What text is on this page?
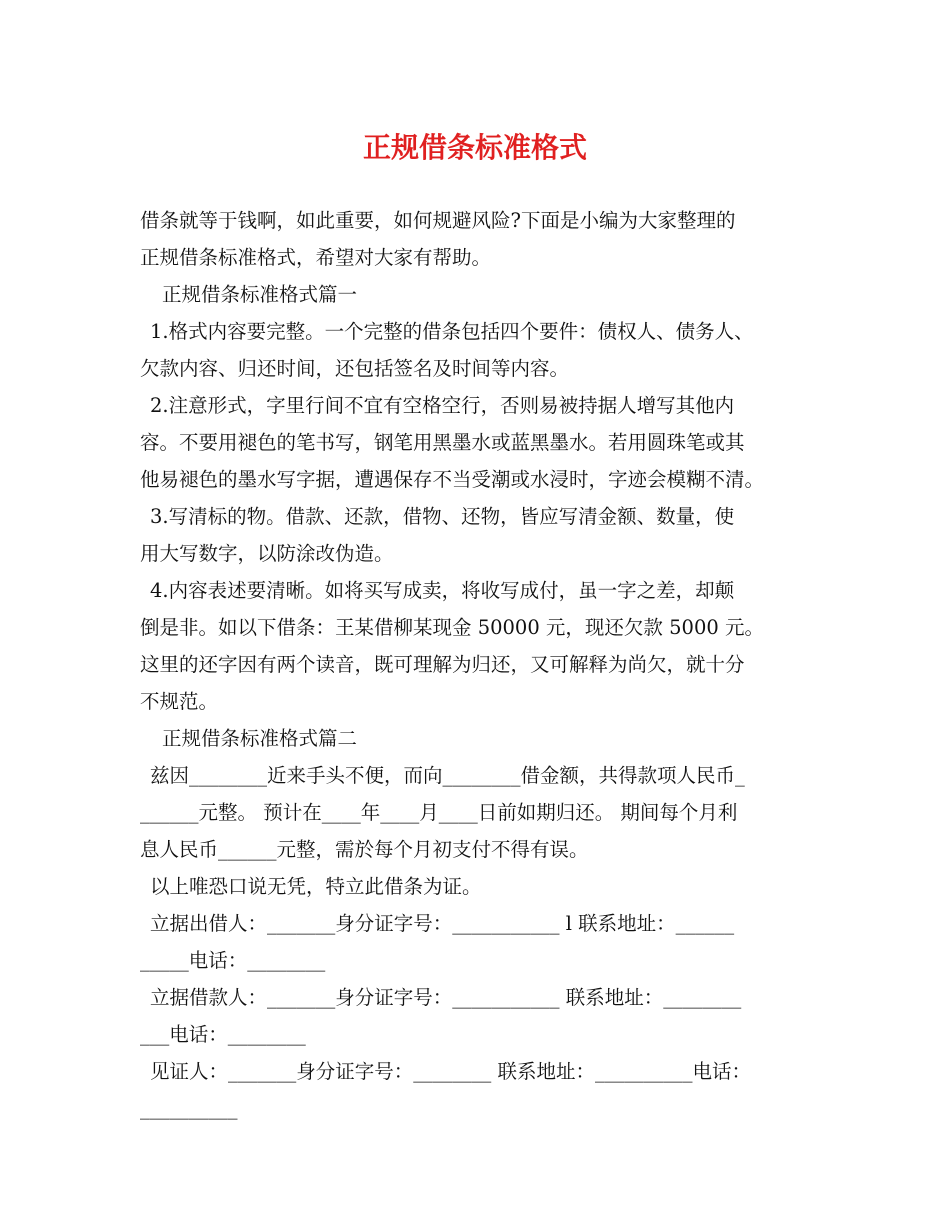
正规借条标准格式
借条就等于钱啊，如此重要，如何规避风险?下面是小编为大家整理的
正规借条标准格式，希望对大家有帮助。
正规借条标准格式篇一
1.格式内容要完整。一个完整的借条包括四个要件：债权人、债务人、
欠款内容、归还时间，还包括签名及时间等内容。
2.注意形式，字里行间不宜有空格空行，否则易被持据人增写其他内
容。不要用褪色的笔书写，钢笔用黑墨水或蓝黑墨水。若用圆珠笔或其
他易褪色的墨水写字据，遭遇保存不当受潮或水浸时，字迹会模糊不清。
3.写清标的物。借款、还款，借物、还物，皆应写清金额、数量，使
用大写数字，以防涂改伪造。
4.内容表述要清晰。如将买写成卖，将收写成付，虽一字之差，却颠
倒是非。如以下借条：王某借柳某现金 50000 元，现还欠款 5000 元。
这里的还字因有两个读音，既可理解为归还，又可解释为尚欠，就十分
不规范。
正规借条标准格式篇二
兹因________近来手头不便，而向________借金额，共得款项人民币_
______元整。 预计在____年____月____日前如期归还。 期间每个月利
息人民币______元整，需於每个月初支付不得有误。
以上唯恐口说无凭，特立此借条为证。
立据出借人：_______身分证字号：___________ l 联系地址：______
_____电话：________
立据借款人：_______身分证字号：___________ 联系地址：________
___电话：________
见证人：_______身分证字号：________ 联系地址：__________电话：
__________
